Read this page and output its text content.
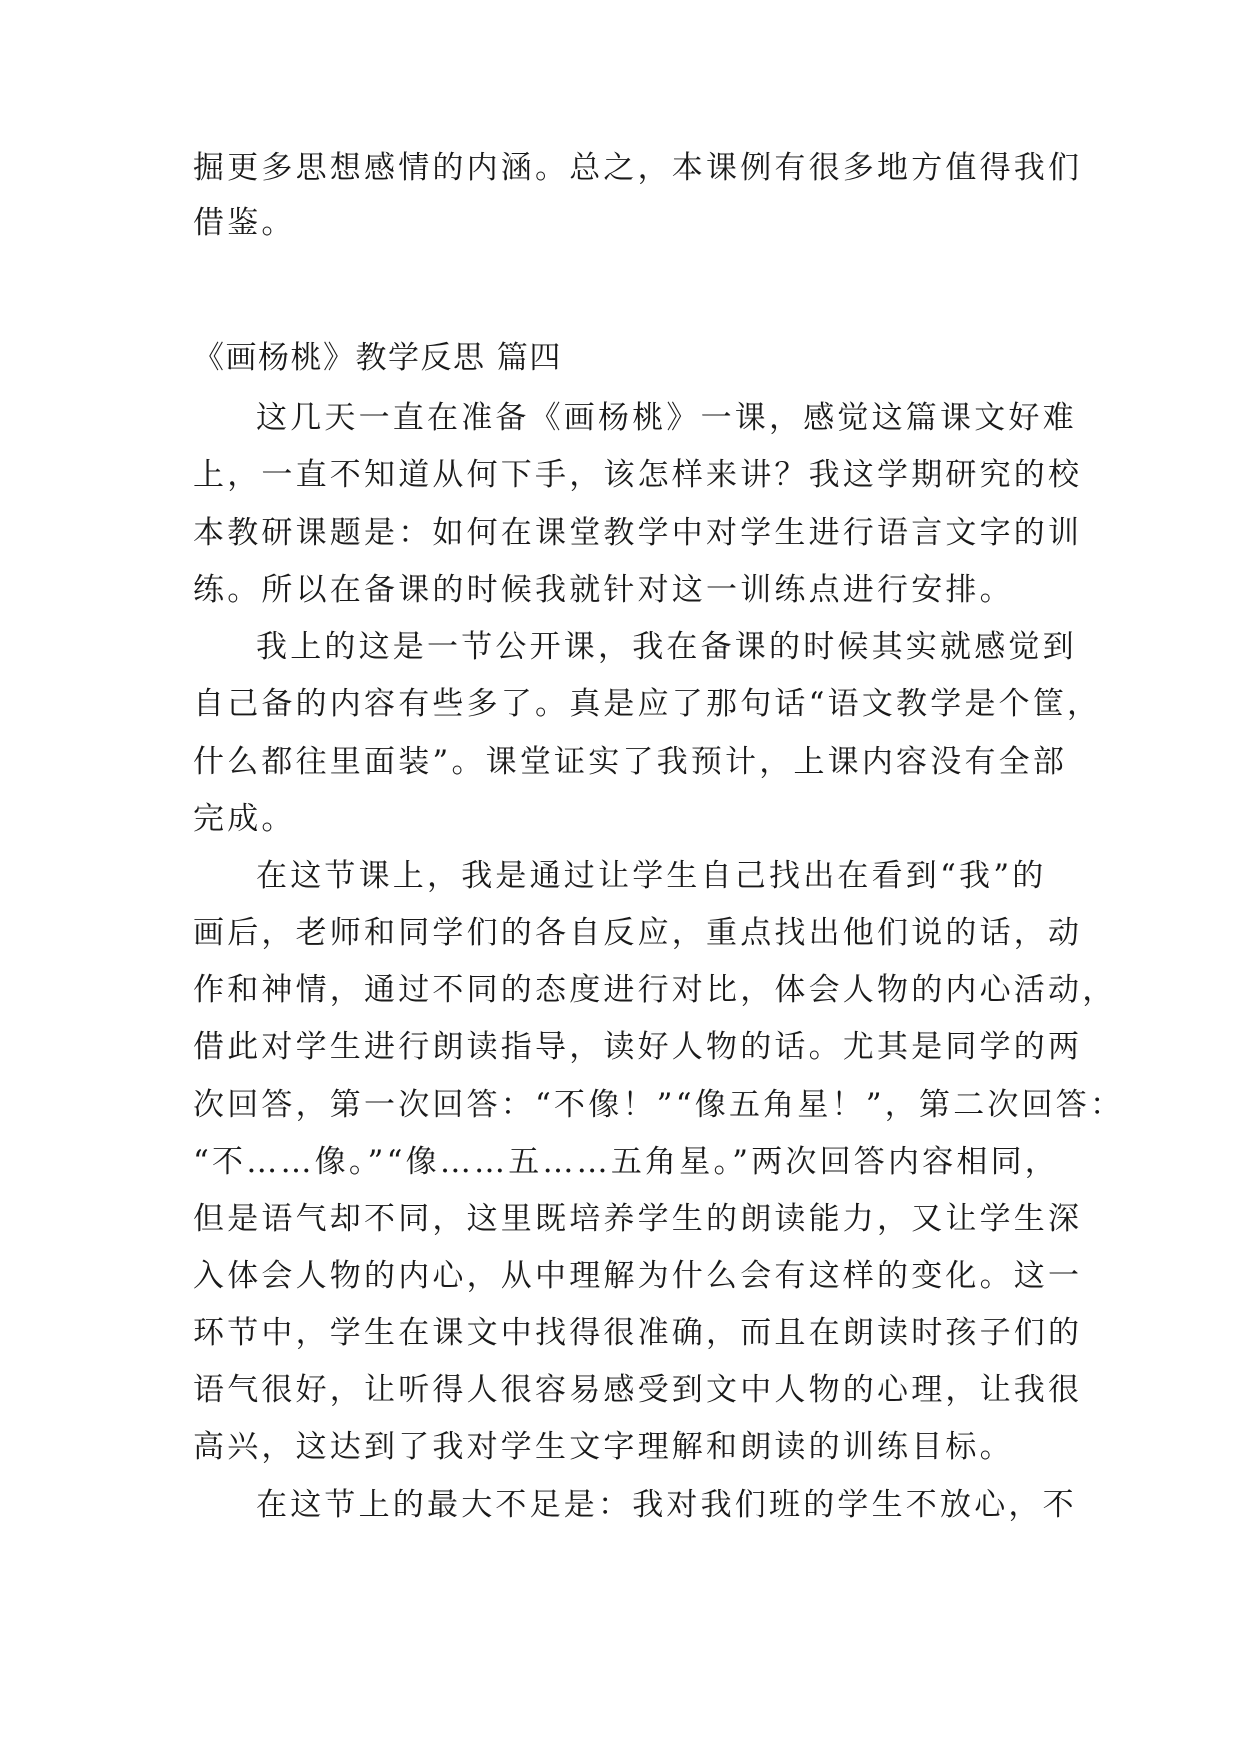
掘更多思想感情的内涵。总之，本课例有很多地方值得我们
借鉴。
《画杨桃》教学反思 篇四
这几天一直在准备《画杨桃》一课，感觉这篇课文好难
上，一直不知道从何下手，该怎样来讲？我这学期研究的校
本教研课题是：如何在课堂教学中对学生进行语言文字的训
练。所以在备课的时候我就针对这一训练点进行安排。
我上的这是一节公开课，我在备课的时候其实就感觉到
自己备的内容有些多了。真是应了那句话“语文教学是个筐，
什么都往里面装”。课堂证实了我预计，上课内容没有全部
完成。
在这节课上，我是通过让学生自己找出在看到“我”的
画后，老师和同学们的各自反应，重点找出他们说的话，动
作和神情，通过不同的态度进行对比，体会人物的内心活动，
借此对学生进行朗读指导，读好人物的话。尤其是同学的两
次回答，第一次回答：“不像！”“像五角星！”，第二次回答：
“不……像。”“像……五……五角星。”两次回答内容相同，
但是语气却不同，这里既培养学生的朗读能力，又让学生深
入体会人物的内心，从中理解为什么会有这样的变化。这一
环节中，学生在课文中找得很准确，而且在朗读时孩子们的
语气很好，让听得人很容易感受到文中人物的心理，让我很
高兴，这达到了我对学生文字理解和朗读的训练目标。
在这节上的最大不足是：我对我们班的学生不放心，不
